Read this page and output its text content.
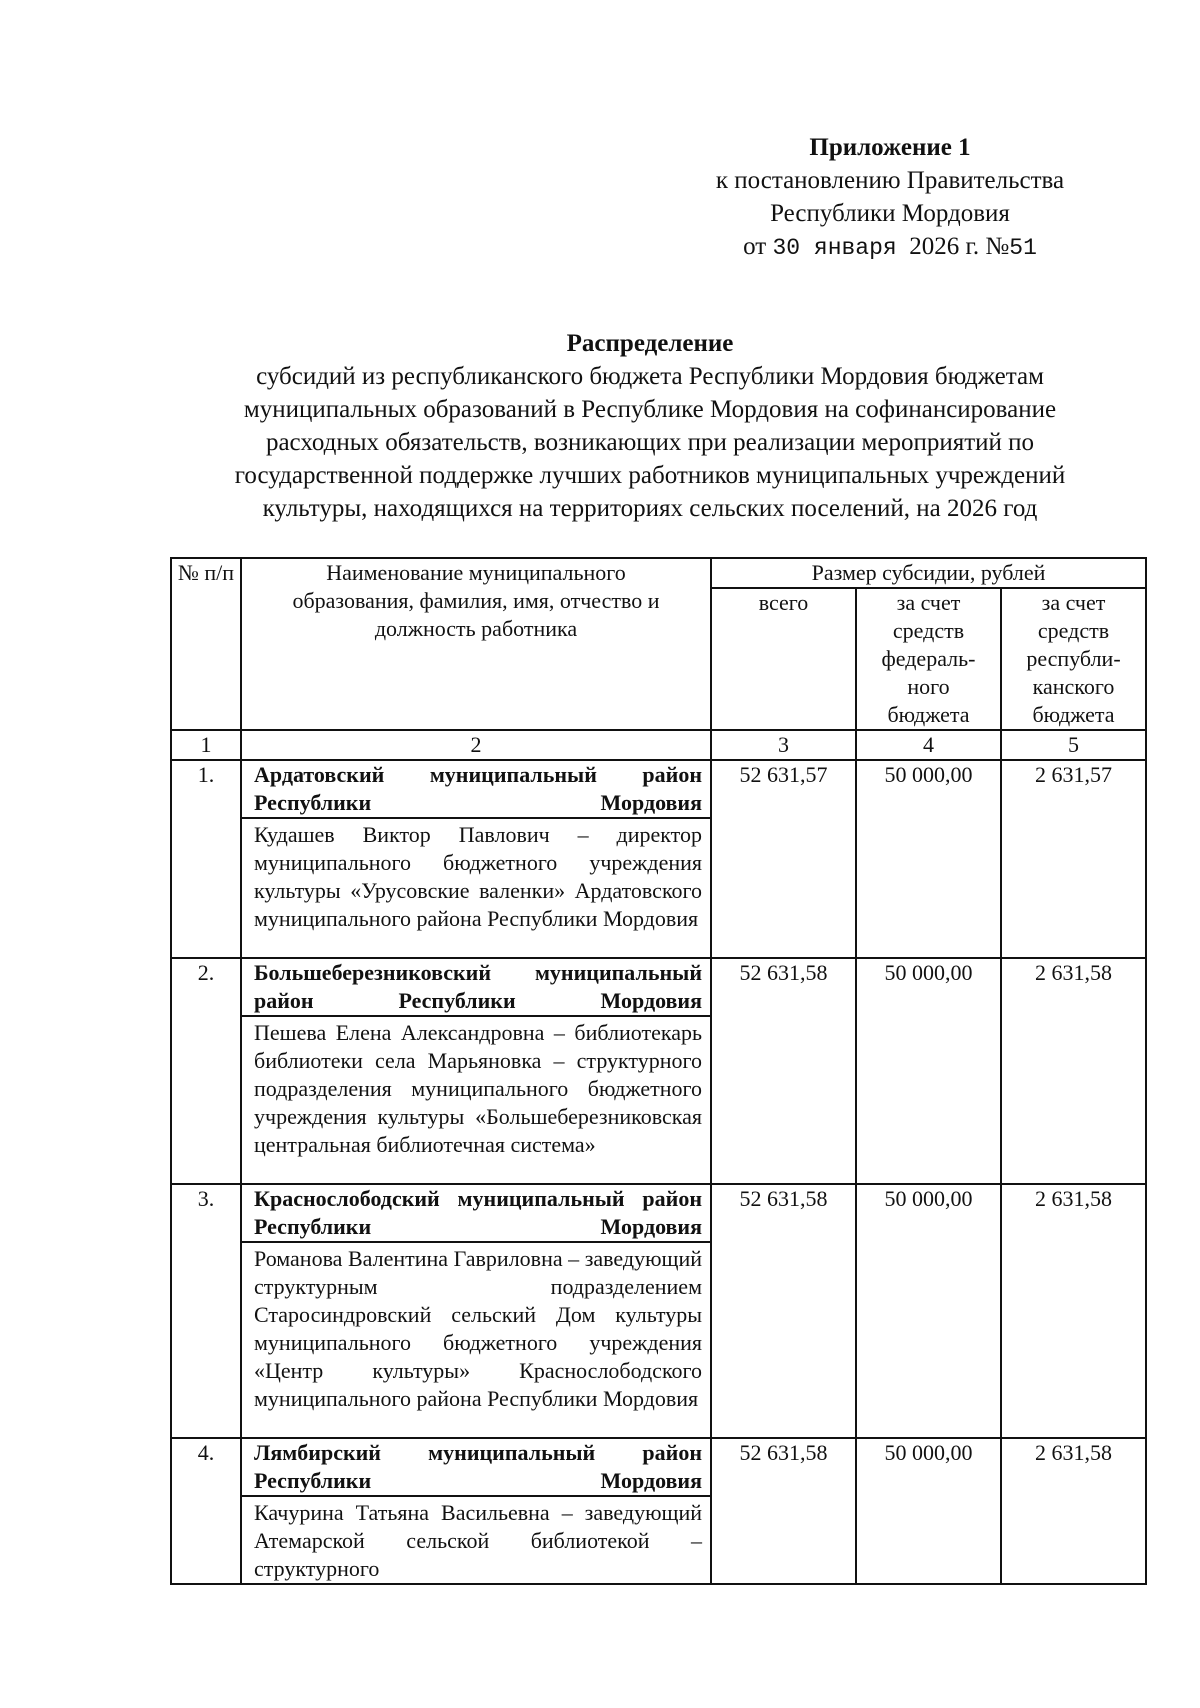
Приложение 1
к постановлению Правительства
Республики Мордовия
от 30 января 2026 г. №51
Распределение
субсидий из республиканского бюджета Республики Мордовия бюджетам
муниципальных образований в Республике Мордовия на софинансирование
расходных обязательств, возникающих при реализации мероприятий по
государственной поддержке лучших работников муниципальных учреждений
культуры, находящихся на территориях сельских поселений, на 2026 год
№ п/п	Наименование муниципального образования, фамилия, имя, отчество и должность работника	Размер субсидии, рублей		
		всего	за счет средств федераль-ного бюджета	за счет средств республи-канского бюджета
1	2	3	4	5
1.	Ардатовский муниципальный район Республики Мордовия	52 631,57	50 000,00	2 631,57
	Кудашев Виктор Павлович – директор муниципального бюджетного учреждения культуры «Урусовские валенки» Ардатовского муниципального района Республики Мордовия			
2.	Большеберезниковский муниципальный район Республики Мордовия	52 631,58	50 000,00	2 631,58
	Пешева Елена Александровна – библиотекарь библиотеки села Марьяновка – структурного подразделения муниципального бюджетного учреждения культуры «Большеберезниковская центральная библиотечная система»			
3.	Краснослободский муниципальный район Республики Мордовия	52 631,58	50 000,00	2 631,58
	Романова Валентина Гавриловна – заведующий структурным подразделением Старосиндровский сельский Дом культуры муниципального бюджетного учреждения «Центр культуры» Краснослободского муниципального района Республики Мордовия			
4.	Лямбирский муниципальный район Республики Мордовия	52 631,58	50 000,00	2 631,58
	Качурина Татьяна Васильевна – заведующий Атемарской сельской библиотекой – структурного			
